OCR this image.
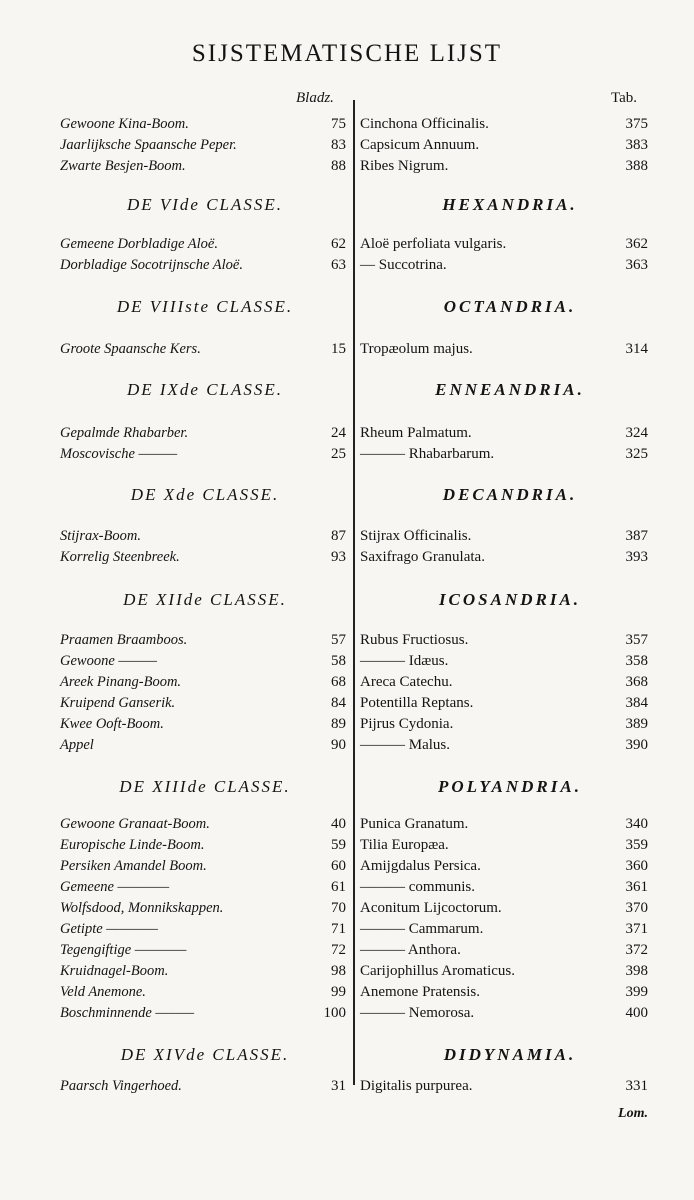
SIJSTEMATISCHE LIJST
Bladz.	Tab.
Gewoone Kina-Boom.	75 Cinchona Officinalis.	375
Jaarlijksche Spaansche Peper.	83 Capsicum Annuum.	383
Zwarte Besjen-Boom.	88 Ribes Nigrum.	388
DE VIde CLASSE.	HEXANDRIA.
Gemeene Dorbladige Aloë.	62 Aloë perfoliata vulgaris.	362
Dorbladige Socotrijnsche Aloë.	63 — Succotrina.	363
DE VIIIste CLASSE.	OCTANDRIA.
Groote Spaansche Kers.	15 Tropæolum majus.	314
DE IXde CLASSE.	ENNEANDRIA.
Gepalmde Rhabarber.	24 Rheum Palmatum.	324
Moscovische ———	25 ——— Rhabarbarum.	325
DE Xde CLASSE.	DECANDRIA.
Stijrax-Boom.	87 Stijrax Officinalis.	387
Korrelig Steenbreek.	93 Saxifrago Granulata.	393
DE XIIde CLASSE.	ICOSANDRIA.
Praamen Braamboos.	57 Rubus Fructiosus.	357
Gewoone ———	58 ——— Idæus.	358
Areek Pinang-Boom.	68 Areca Catechu.	368
Kruipend Ganserik.	84 Potentilla Reptans.	384
Kwee Ooft-Boom.	89 Pijrus Cydonia.	389
Appel	90 ——— Malus.	390
DE XIIIde CLASSE.	POLYANDRIA.
Gewoone Granaat-Boom.	40 Punica Granatum.	340
Europische Linde-Boom.	59 Tilia Europæa.	359
Persiken Amandel Boom.	60 Amijgdalus Persica.	360
Gemeene ————	61 ——— communis.	361
Wolfsdood, Monnikskappen.	70 Aconitum Lijcoctorum.	370
Getipte ————	71 ——— Cammarum.	371
Tegengiftige ————	72 ——— Anthora.	372
Kruidnagel-Boom.	98 Carijophillus Aromaticus.	398
Veld Anemone.	99 Anemone Pratensis.	399
Boschminnende ———	100 ——— Nemorosa.	400
DE XIVde CLASSE.	DIDYNAMIA.
Paarsch Vingerhoed.	31 Digitalis purpurea.	331
Lom.
